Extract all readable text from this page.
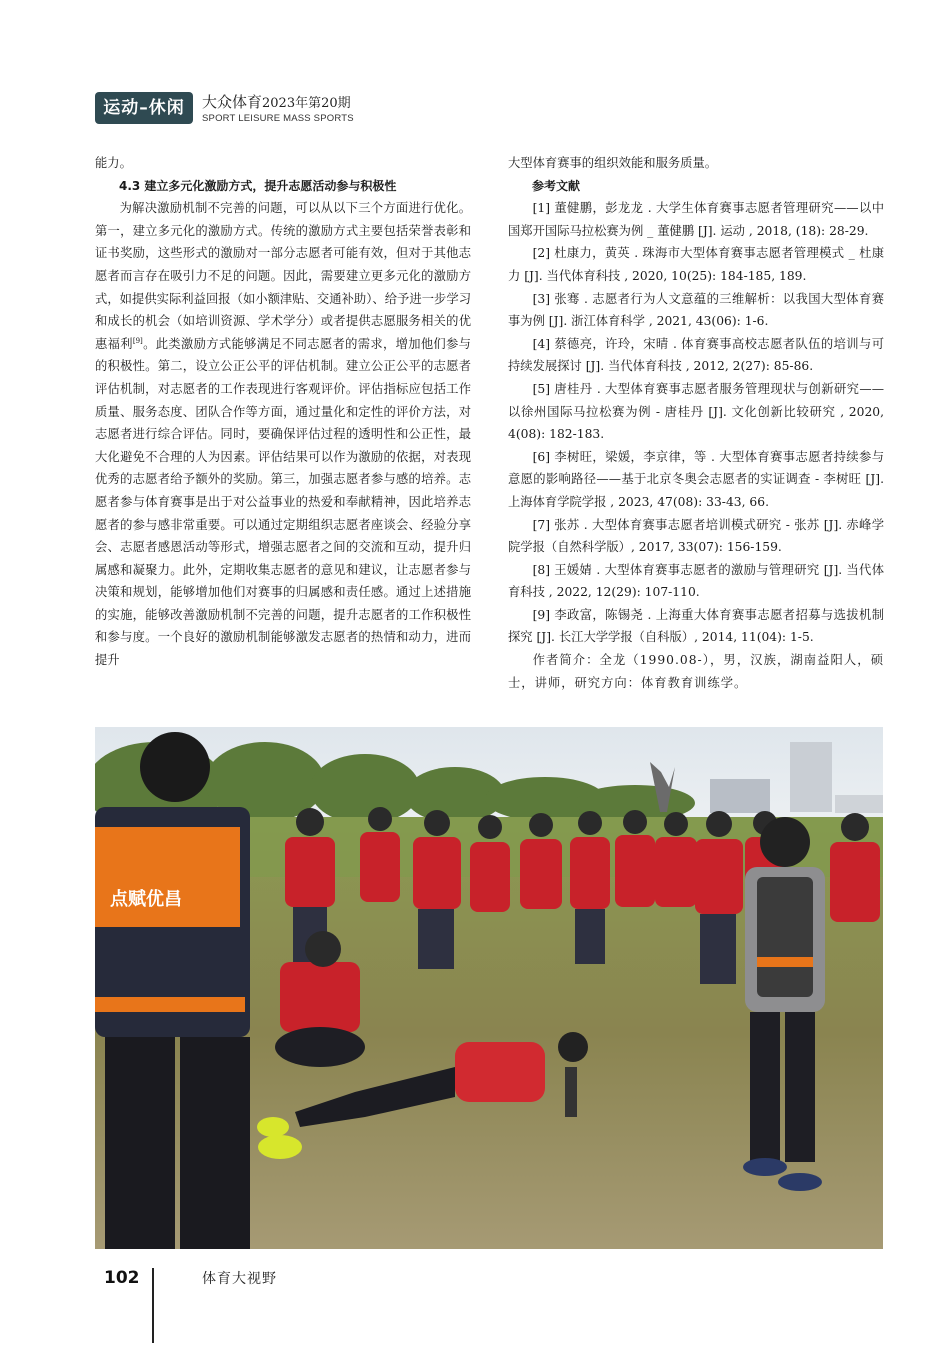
运动–休闲	大众体育2023年第20期
SPORT LEISURE MASS SPORTS

能力。

4.3 建立多元化激励方式，提升志愿活动参与积极性

为解决激励机制不完善的问题，可以从以下三个方面进行优化。第一，建立多元化的激励方式。传统的激励方式主要包括荣誉表彰和证书奖励，这些形式的激励对一部分志愿者可能有效，但对于其他志愿者而言存在吸引力不足的问题。因此，需要建立更多元化的激励方式，如提供实际利益回报（如小额津贴、交通补助）、给予进一步学习和成长的机会（如培训资源、学术学分）或者提供志愿服务相关的优惠福利[9]。此类激励方式能够满足不同志愿者的需求，增加他们参与的积极性。第二，设立公正公平的评估机制。建立公正公平的志愿者评估机制，对志愿者的工作表现进行客观评价。评估指标应包括工作质量、服务态度、团队合作等方面，通过量化和定性的评价方法，对志愿者进行综合评估。同时，要确保评估过程的透明性和公正性，最大化避免不合理的人为因素。评估结果可以作为激励的依据，对表现优秀的志愿者给予额外的奖励。第三，加强志愿者参与感的培养。志愿者参与体育赛事是出于对公益事业的热爱和奉献精神，因此培养志愿者的参与感非常重要。可以通过定期组织志愿者座谈会、经验分享会、志愿者感恩活动等形式，增强志愿者之间的交流和互动，提升归属感和凝聚力。此外，定期收集志愿者的意见和建议，让志愿者参与决策和规划，能够增加他们对赛事的归属感和责任感。通过上述措施的实施，能够改善激励机制不完善的问题，提升志愿者的工作积极性和参与度。一个良好的激励机制能够激发志愿者的热情和动力，进而提升

大型体育赛事的组织效能和服务质量。

参考文献

[1] 董健鹏，彭龙龙 . 大学生体育赛事志愿者管理研究——以中国郑开国际马拉松赛为例 _ 董健鹏 [J]. 运动 , 2018, (18): 28-29.

[2] 杜康力，黄英 . 珠海市大型体育赛事志愿者管理模式 _ 杜康力 [J]. 当代体育科技 , 2020, 10(25): 184-185, 189.

[3] 张骞 . 志愿者行为人文意蕴的三维解析：以我国大型体育赛事为例 [J]. 浙江体育科学 , 2021, 43(06): 1-6.

[4] 蔡德亮，许玲，宋晴 . 体育赛事高校志愿者队伍的培训与可持续发展探讨 [J]. 当代体育科技 , 2012, 2(27): 85-86.

[5] 唐桂丹 . 大型体育赛事志愿者服务管理现状与创新研究——以徐州国际马拉松赛为例 - 唐桂丹 [J]. 文化创新比较研究 , 2020, 4(08): 182-183.

[6] 李树旺，梁媛，李京律，等 . 大型体育赛事志愿者持续参与意愿的影响路径——基于北京冬奥会志愿者的实证调查 - 李树旺 [J]. 上海体育学院学报 , 2023, 47(08): 33-43, 66.

[7] 张苏 . 大型体育赛事志愿者培训模式研究 - 张苏 [J]. 赤峰学院学报（自然科学版）, 2017, 33(07): 156-159.

[8] 王媛婧 . 大型体育赛事志愿者的激励与管理研究 [J]. 当代体育科技 , 2022, 12(29): 107-110.

[9] 李政富，陈锡尧 . 上海重大体育赛事志愿者招募与选拔机制探究 [J]. 长江大学学报（自科版）, 2014, 11(04): 1-5.

作者简介：全龙（1990.08-），男，汉族，湖南益阳人，硕士，讲师，研究方向：体育教育训练学。

点赋优昌
102	体育大视野
